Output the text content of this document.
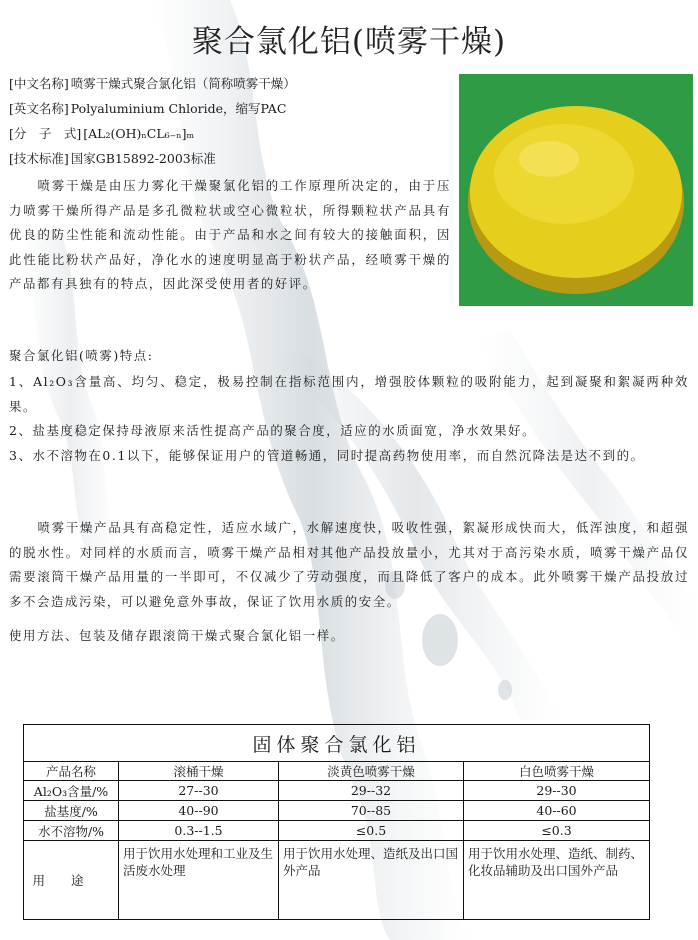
聚合氯化铝(喷雾干燥)
[中文名称] 喷雾干燥式聚合氯化铝（简称喷雾干燥）
[英文名称] Polyaluminium Chloride，缩写PAC
[分　子　式] [AL₂(OH)ₙCL₆₋ₙ]ₘ
[技术标准] 国家GB15892-2003标准

喷雾干燥是由压力雾化干燥聚氯化铝的工作原理所决定的，由于压力喷雾干燥所得产品是多孔微粒状或空心微粒状，所得颗粒状产品具有优良的防尘性能和流动性能。由于产品和水之间有较大的接触面积，因此性能比粉状产品好，净化水的速度明显高于粉状产品，经喷雾干燥的产品都有具独有的特点，因此深受使用者的好评。

聚合氯化铝(喷雾)特点:

1、Al₂O₃含量高、均匀、稳定，极易控制在指标范围内，增强胶体颗粒的吸附能力，起到凝聚和絮凝两种效果。

2、盐基度稳定保持母液原来活性提高产品的聚合度，适应的水质面宽，净水效果好。

3、水不溶物在0.1以下，能够保证用户的管道畅通，同时提高药物使用率，而自然沉降法是达不到的。

喷雾干燥产品具有高稳定性，适应水域广，水解速度快，吸收性强，絮凝形成快而大，低浑浊度，和超强的脱水性。对同样的水质而言，喷雾干燥产品相对其他产品投放量小，尤其对于高污染水质，喷雾干燥产品仅需要滚筒干燥产品用量的一半即可，不仅减少了劳动强度，而且降低了客户的成本。此外喷雾干燥产品投放过多不会造成污染，可以避免意外事故，保证了饮用水质的安全。

使用方法、包装及储存跟滚筒干燥式聚合氯化铝一样。

固体聚合氯化铝			
产品名称	滚桶干燥	淡黄色喷雾干燥	白色喷雾干燥
Al₂O₃含量/%	27--30	29--32	29--30
盐基度/%	40--90	70--85	40--60
水不溶物/%	0.3--1.5	≤0.5	≤0.3
用途	用于饮用水处理和工业及生活废水处理	用于饮用水处理、造纸及出口国外产品	用于饮用水处理、造纸、制药、化妆品辅助及出口国外产品
